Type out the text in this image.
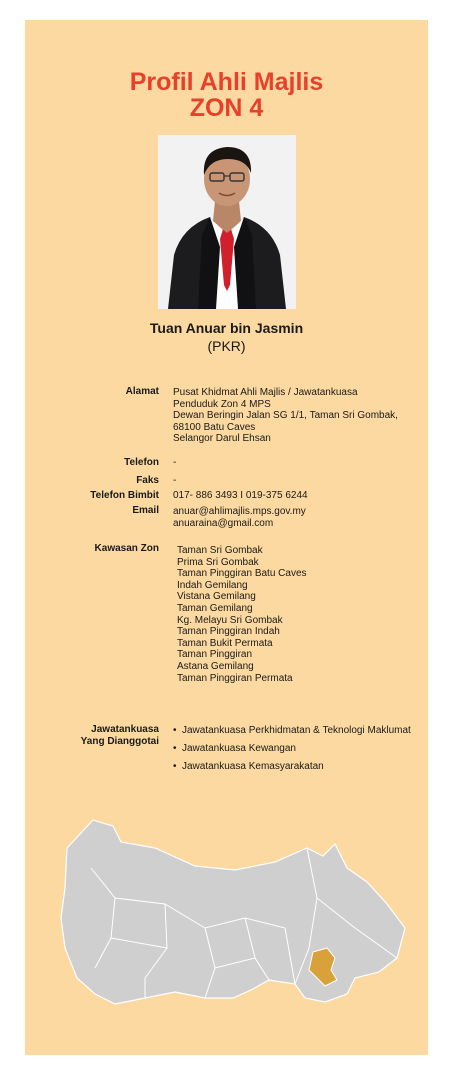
Profil Ahli Majlis
ZON 4
Tuan Anuar bin Jasmin
(PKR)
Alamat Pusat Khidmat Ahli Majlis / Jawatankuasa
Penduduk Zon 4 MPS
Dewan Beringin Jalan SG 1/1, Taman Sri Gombak,
68100 Batu Caves
Selangor Darul Ehsan
Telefon -
Faks -
Telefon Bimbit 017- 886 3493 I 019-375 6244
Email anuar@ahlimajlis.mps.gov.my
anuaraina@gmail.com
Kawasan Zon Taman Sri Gombak
Prima Sri Gombak
Taman Pinggiran Batu Caves
Indah Gemilang
Vistana Gemilang
Taman Gemilang
Kg. Melayu Sri Gombak
Taman Pinggiran Indah
Taman Bukit Permata
Taman Pinggiran
Astana Gemilang
Taman Pinggiran Permata
Jawatankuasa
Yang Dianggotai
• Jawatankuasa Perkhidmatan & Teknologi Maklumat
• Jawatankuasa Kewangan
• Jawatankuasa Kemasyarakatan
